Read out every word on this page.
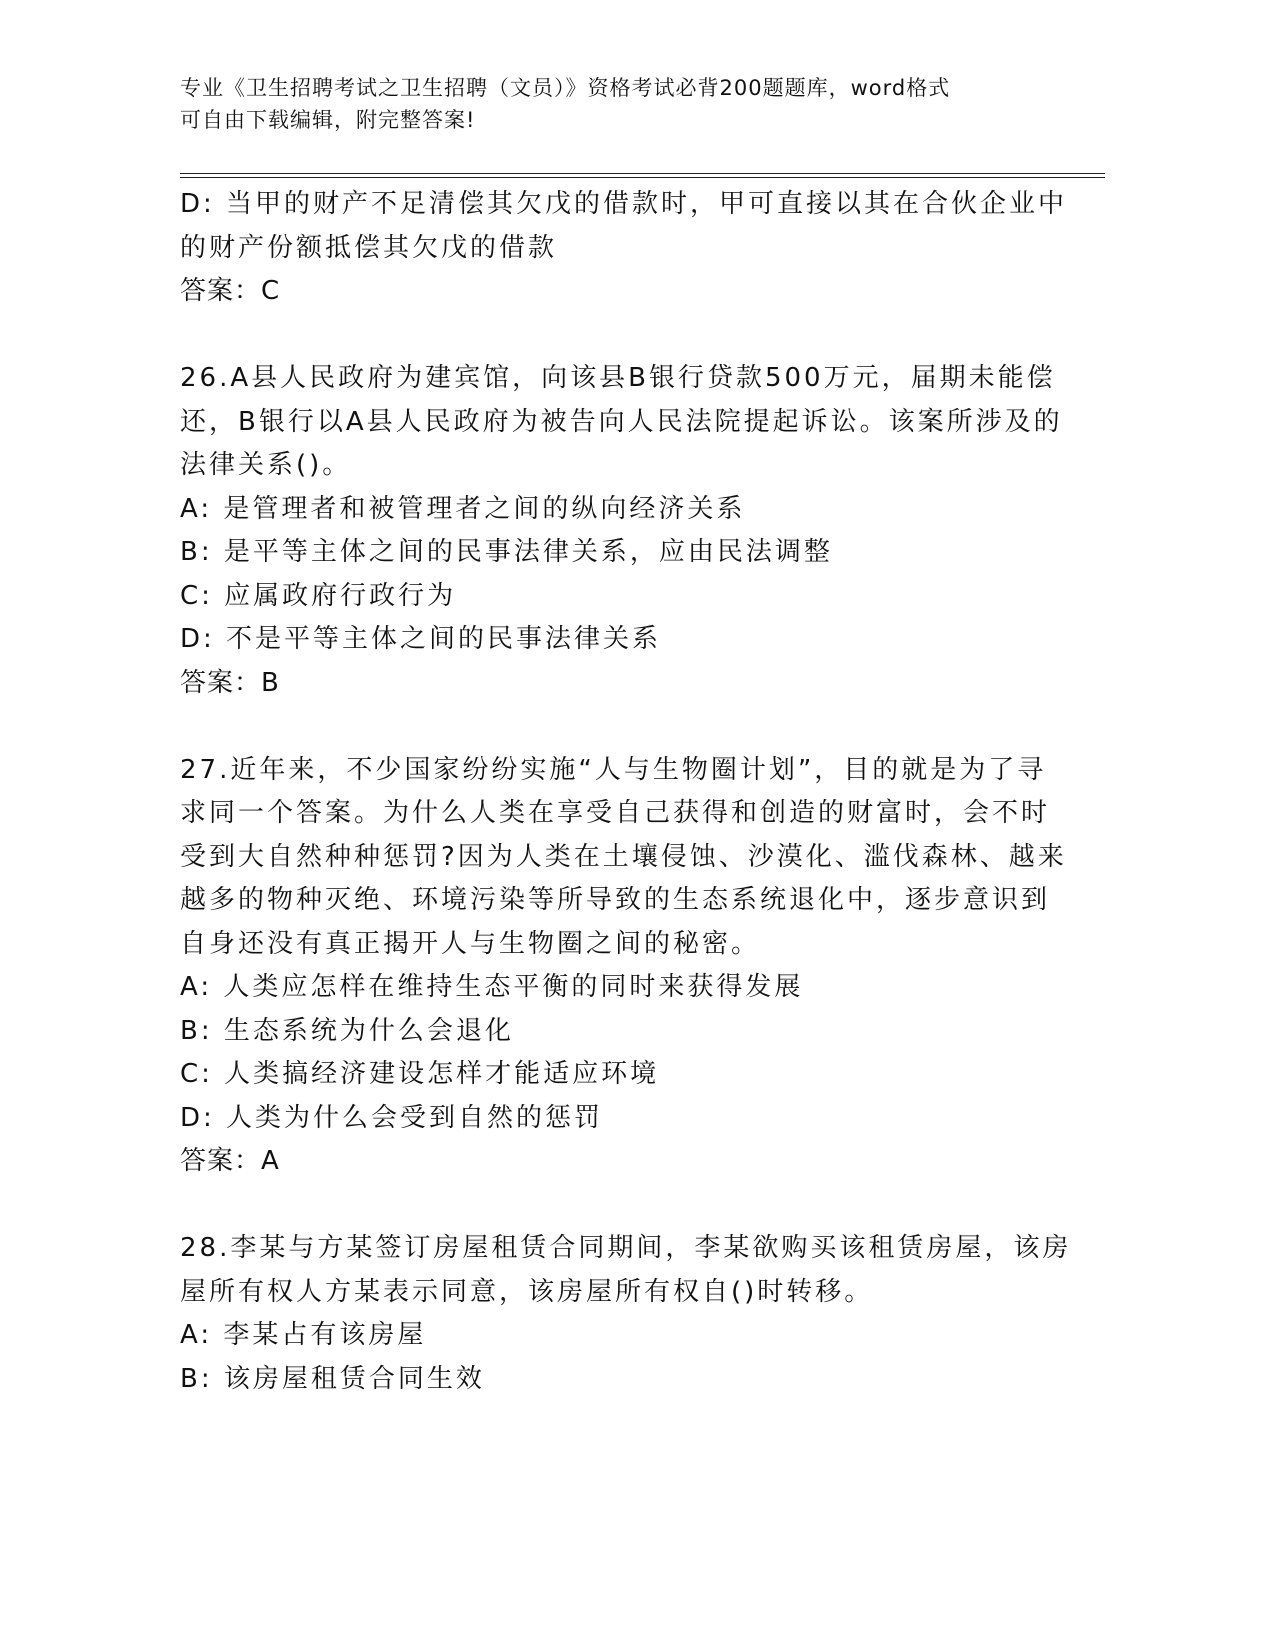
专业《卫生招聘考试之卫生招聘（文员）》资格考试必背200题题库，word格式
可自由下载编辑，附完整答案!
D: 当甲的财产不足清偿其欠戊的借款时，甲可直接以其在合伙企业中
的财产份额抵偿其欠戊的借款
答案：C
26.A县人民政府为建宾馆，向该县B银行贷款500万元，届期未能偿
还，B银行以A县人民政府为被告向人民法院提起诉讼。该案所涉及的
法律关系()。
A: 是管理者和被管理者之间的纵向经济关系
B: 是平等主体之间的民事法律关系，应由民法调整
C: 应属政府行政行为
D: 不是平等主体之间的民事法律关系
答案：B
27.近年来，不少国家纷纷实施“人与生物圈计划”，目的就是为了寻
求同一个答案。为什么人类在享受自己获得和创造的财富时，会不时
受到大自然种种惩罚?因为人类在土壤侵蚀、沙漠化、滥伐森林、越来
越多的物种灭绝、环境污染等所导致的生态系统退化中，逐步意识到
自身还没有真正揭开人与生物圈之间的秘密。
A: 人类应怎样在维持生态平衡的同时来获得发展
B: 生态系统为什么会退化
C: 人类搞经济建设怎样才能适应环境
D: 人类为什么会受到自然的惩罚
答案：A
28.李某与方某签订房屋租赁合同期间，李某欲购买该租赁房屋，该房
屋所有权人方某表示同意，该房屋所有权自()时转移。
A: 李某占有该房屋
B: 该房屋租赁合同生效
